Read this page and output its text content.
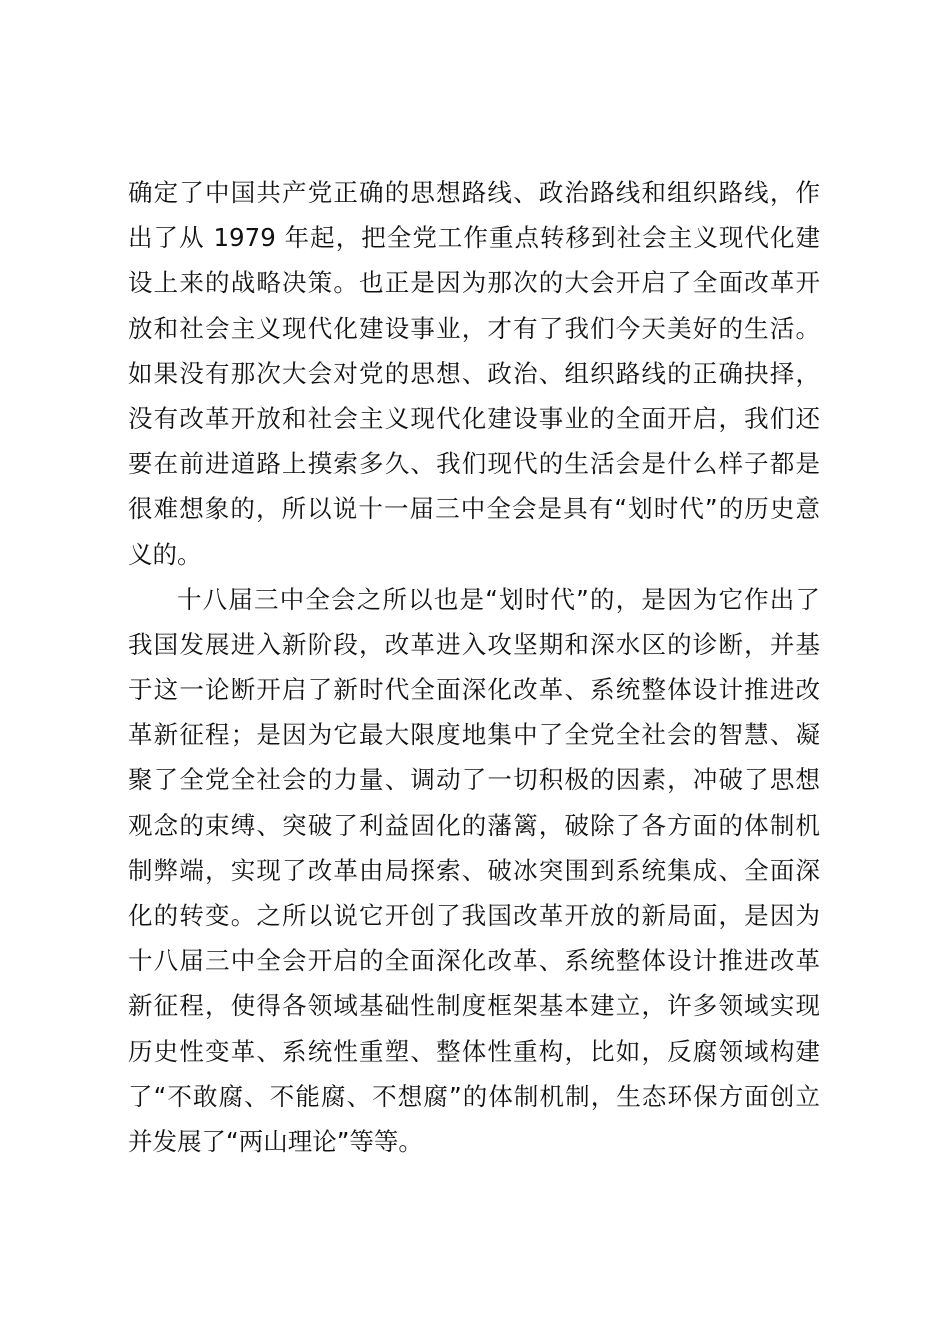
确定了中国共产党正确的思想路线、政治路线和组织路线，作
出了从 1979 年起，把全党工作重点转移到社会主义现代化建
设上来的战略决策。也正是因为那次的大会开启了全面改革开
放和社会主义现代化建设事业，才有了我们今天美好的生活。
如果没有那次大会对党的思想、政治、组织路线的正确抉择，
没有改革开放和社会主义现代化建设事业的全面开启，我们还
要在前进道路上摸索多久、我们现代的生活会是什么样子都是
很难想象的，所以说十一届三中全会是具有“划时代”的历史意
义的。
十八届三中全会之所以也是“划时代”的，是因为它作出了
我国发展进入新阶段，改革进入攻坚期和深水区的诊断，并基
于这一论断开启了新时代全面深化改革、系统整体设计推进改
革新征程；是因为它最大限度地集中了全党全社会的智慧、凝
聚了全党全社会的力量、调动了一切积极的因素，冲破了思想
观念的束缚、突破了利益固化的藩篱，破除了各方面的体制机
制弊端，实现了改革由局探索、破冰突围到系统集成、全面深
化的转变。之所以说它开创了我国改革开放的新局面，是因为
十八届三中全会开启的全面深化改革、系统整体设计推进改革
新征程，使得各领域基础性制度框架基本建立，许多领域实现
历史性变革、系统性重塑、整体性重构，比如，反腐领域构建
了“不敢腐、不能腐、不想腐”的体制机制，生态环保方面创立
并发展了“两山理论”等等。
